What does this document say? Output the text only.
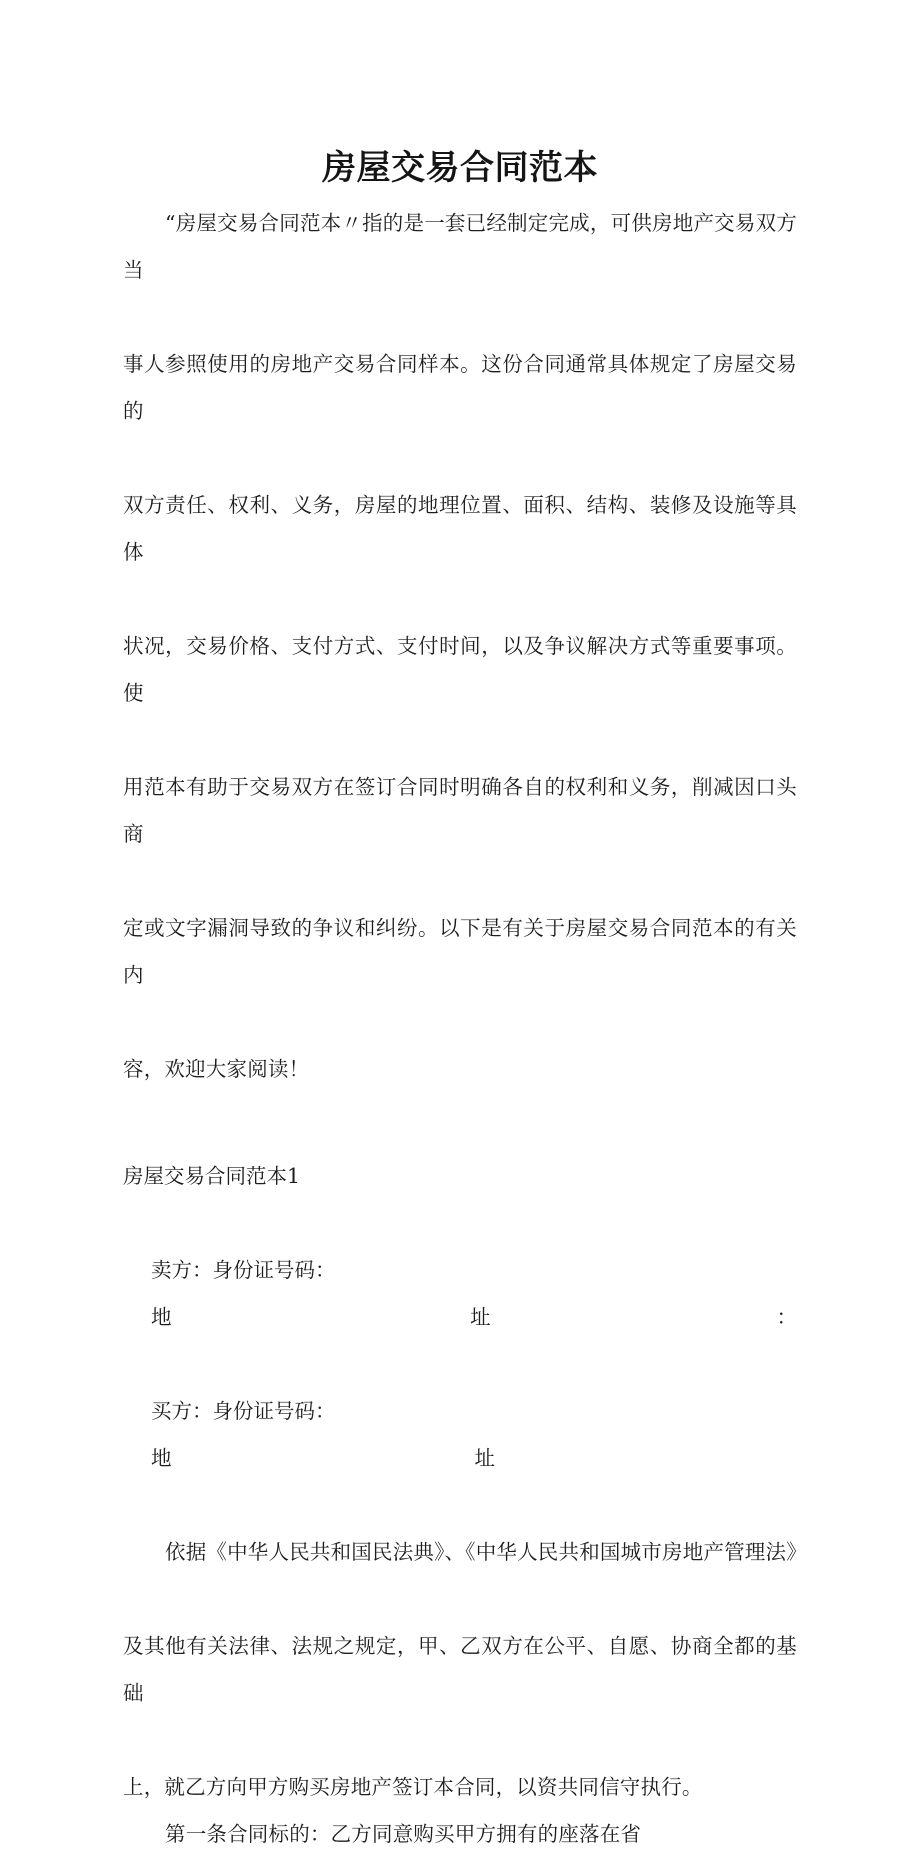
房屋交易合同范本

“房屋交易合同范本〃指的是一套已经制定完成，可供房地产交易双方当

事人参照使用的房地产交易合同样本。这份合同通常具体规定了房屋交易的

双方责任、权利、义务，房屋的地理位置、面积、结构、装修及设施等具体

状况，交易价格、支付方式、支付时间，以及争议解决方式等重要事项。使

用范本有助于交易双方在签订合同时明确各自的权利和义务，削减因口头商

定或文字漏洞导致的争议和纠纷。以下是有关于房屋交易合同范本的有关内

容，欢迎大家阅读！

房屋交易合同范本1

卖方：身份证号码：

地	址	：

买方：身份证号码：

地	址

依据《中华人民共和国民法典》、《中华人民共和国城市房地产管理法》

及其他有关法律、法规之规定，甲、乙双方在公平、自愿、协商全都的基础

上，就乙方向甲方购买房地产签订本合同，以资共同信守执行。

第一条合同标的：乙方同意购买甲方拥有的座落在省
